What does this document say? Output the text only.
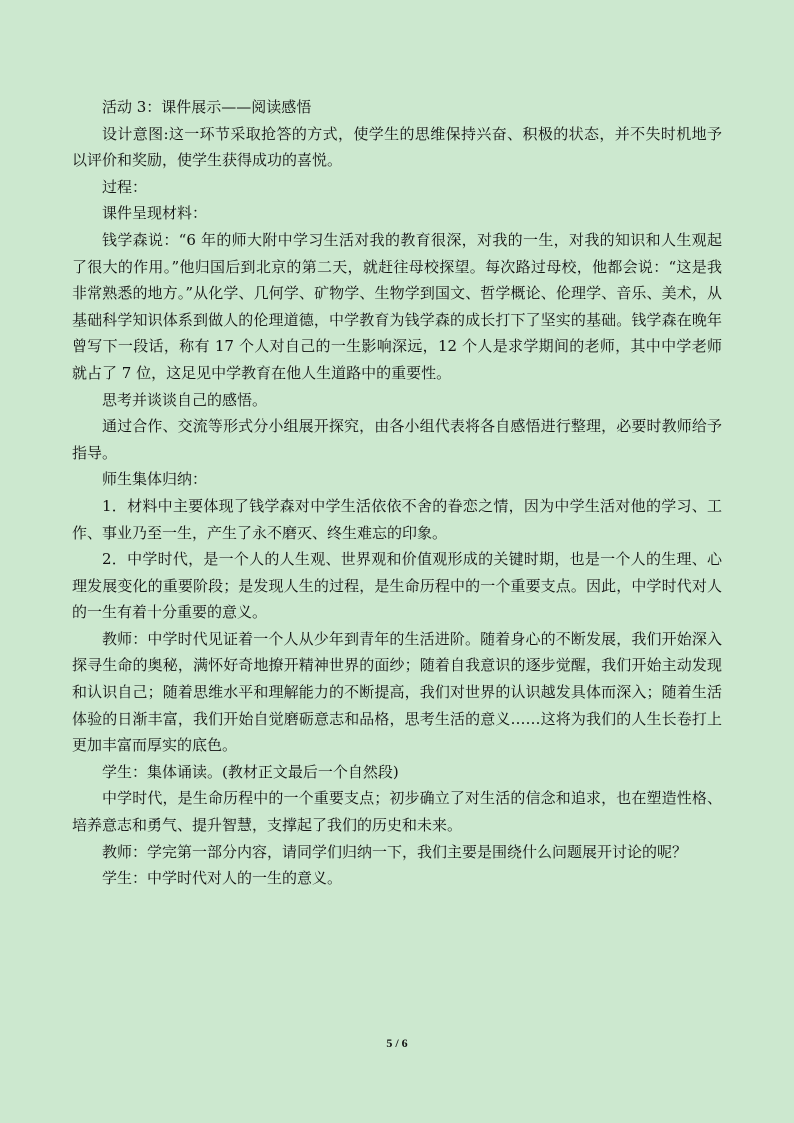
活动 3：课件展示——阅读感悟

设计意图:这一环节采取抢答的方式，使学生的思维保持兴奋、积极的状态，并不失时机地予以评价和奖励，使学生获得成功的喜悦。

过程：

课件呈现材料：

钱学森说：“6 年的师大附中学习生活对我的教育很深，对我的一生，对我的知识和人生观起了很大的作用。”他归国后到北京的第二天，就赶往母校探望。每次路过母校，他都会说：“这是我非常熟悉的地方。”从化学、几何学、矿物学、生物学到国文、哲学概论、伦理学、音乐、美术，从基础科学知识体系到做人的伦理道德，中学教育为钱学森的成长打下了坚实的基础。钱学森在晚年曾写下一段话，称有 17 个人对自己的一生影响深远，12 个人是求学期间的老师，其中中学老师就占了 7 位，这足见中学教育在他人生道路中的重要性。

思考并谈谈自己的感悟。

通过合作、交流等形式分小组展开探究，由各小组代表将各自感悟进行整理，必要时教师给予指导。

师生集体归纳：

1．材料中主要体现了钱学森对中学生活依依不舍的眷恋之情，因为中学生活对他的学习、工作、事业乃至一生，产生了永不磨灭、终生难忘的印象。

2．中学时代，是一个人的人生观、世界观和价值观形成的关键时期，也是一个人的生理、心理发展变化的重要阶段；是发现人生的过程，是生命历程中的一个重要支点。因此，中学时代对人的一生有着十分重要的意义。

教师：中学时代见证着一个人从少年到青年的生活进阶。随着身心的不断发展，我们开始深入探寻生命的奥秘，满怀好奇地撩开精神世界的面纱；随着自我意识的逐步觉醒，我们开始主动发现和认识自己；随着思维水平和理解能力的不断提高，我们对世界的认识越发具体而深入；随着生活体验的日渐丰富，我们开始自觉磨砺意志和品格，思考生活的意义……这将为我们的人生长卷打上更加丰富而厚实的底色。

学生：集体诵读。(教材正文最后一个自然段)

中学时代，是生命历程中的一个重要支点；初步确立了对生活的信念和追求，也在塑造性格、培养意志和勇气、提升智慧，支撑起了我们的历史和未来。

教师：学完第一部分内容，请同学们归纳一下，我们主要是围绕什么问题展开讨论的呢？

学生：中学时代对人的一生的意义。

5 / 6
